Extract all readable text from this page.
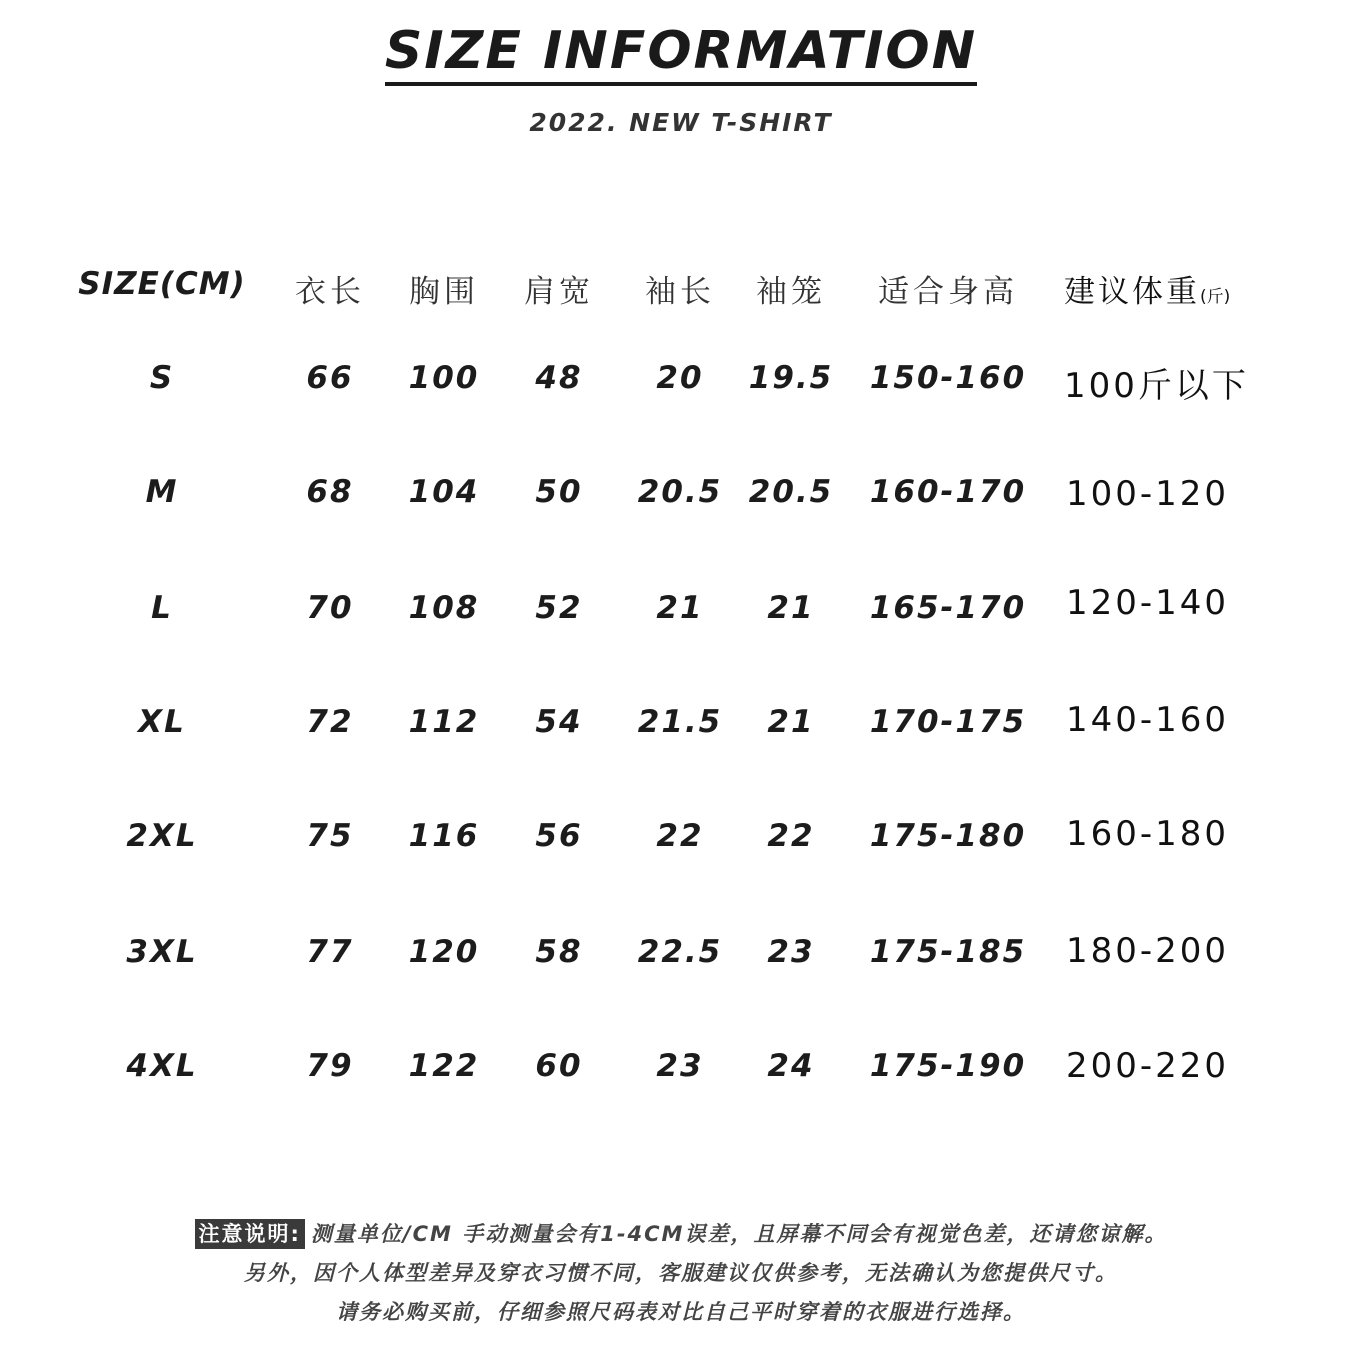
SIZE INFORMATION
2022. NEW T-SHIRT
SIZE(CM) 衣长 胸围 肩宽 袖长 袖笼 适合身高 建议体重(斤)
S	66 100 48 20 19.5 150-160 100斤以下
M	68 104 50 20.5 20.5 160-170 100-120
L	70 108 52 21 21 165-170 120-140
XL	72 112 54 21.5 21 170-175 140-160
2XL	75 116 56 22 22 175-180 160-180
3XL	77 120 58 22.5 23 175-185 180-200
4XL	79 122 60 23 24 175-190 200-220
注意说明: 测量单位/CM 手动测量会有1-4CM误差，且屏幕不同会有视觉色差，还请您谅解。
另外，因个人体型差异及穿衣习惯不同，客服建议仅供参考，无法确认为您提供尺寸。
请务必购买前，仔细参照尺码表对比自己平时穿着的衣服进行选择。
